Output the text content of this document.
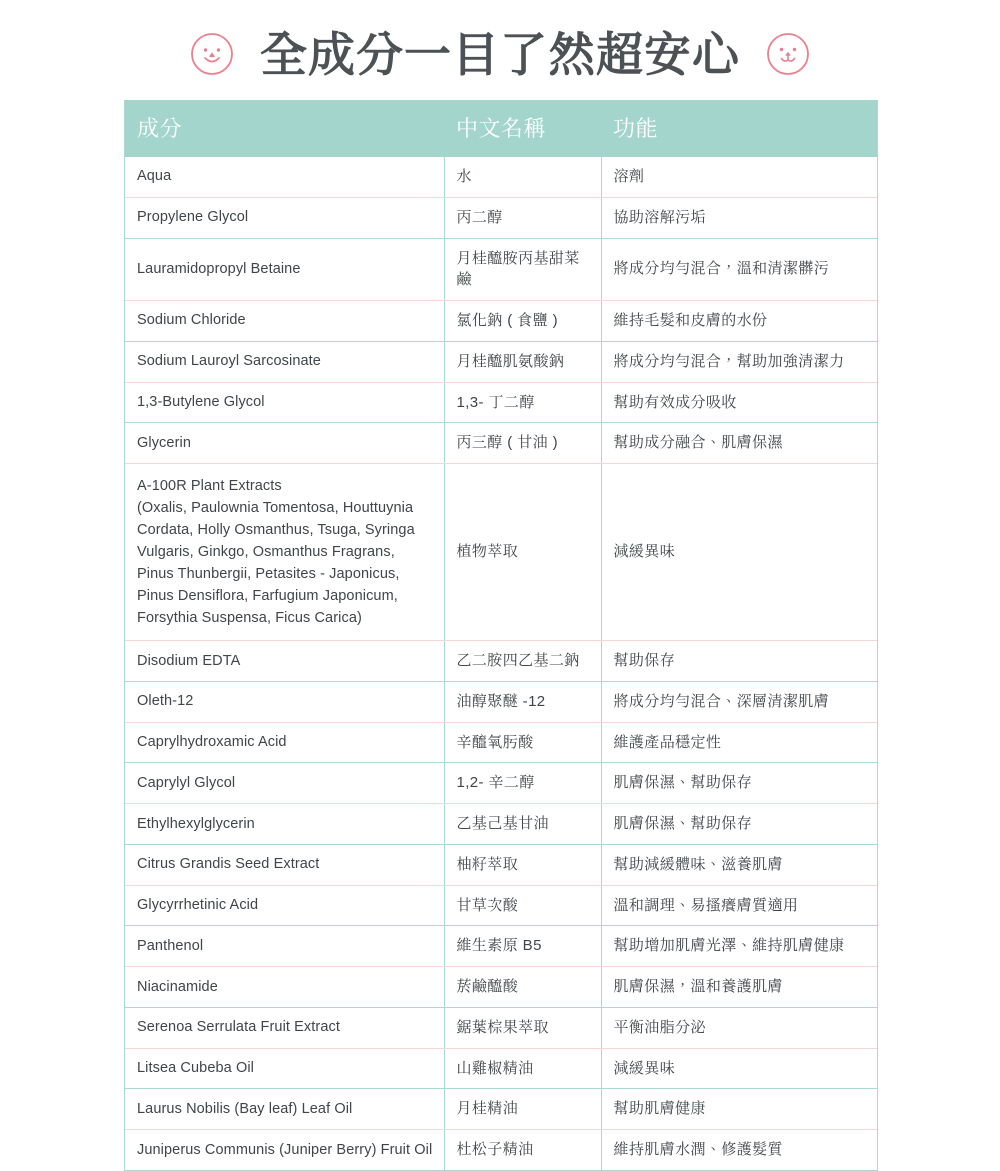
全成分一目了然超安心
成分	中文名稱	功能
Aqua	水	溶劑
Propylene Glycol	丙二醇	協助溶解污垢
Lauramidopropyl Betaine	月桂醯胺丙基甜菜鹼	將成分均勻混合，溫和清潔髒污
Sodium Chloride	氯化鈉 ( 食鹽 )	維持毛髮和皮膚的水份
Sodium Lauroyl Sarcosinate	月桂醯肌氨酸鈉	將成分均勻混合，幫助加強清潔力
1,3-Butylene Glycol	1,3- 丁二醇	幫助有效成分吸收
Glycerin	丙三醇 ( 甘油 )	幫助成分融合、肌膚保濕

A-100R Plant Extracts
(Oxalis, Paulownia Tomentosa, Houttuynia Cordata, Holly Osmanthus, Tsuga, Syringa Vulgaris, Ginkgo, Osmanthus Fragrans, Pinus Thunbergii, Petasites - Japonicus, Pinus Densiflora, Farfugium Japonicum, Forsythia Suspensa, Ficus Carica)	植物萃取	減緩異味
Disodium EDTA	乙二胺四乙基二鈉	幫助保存
Oleth-12	油醇聚醚 -12	將成分均勻混合、深層清潔肌膚
Caprylhydroxamic Acid	辛醯氧肟酸	維護產品穩定性
Caprylyl Glycol	1,2- 辛二醇	肌膚保濕、幫助保存
Ethylhexylglycerin	乙基己基甘油	肌膚保濕、幫助保存
Citrus Grandis Seed Extract	柚籽萃取	幫助減緩體味、滋養肌膚
Glycyrrhetinic Acid	甘草次酸	溫和調理、易搔癢膚質適用
Panthenol	維生素原 B5	幫助增加肌膚光澤、維持肌膚健康
Niacinamide	菸鹼醯酸	肌膚保濕，溫和養護肌膚
Serenoa Serrulata Fruit Extract	鋸葉棕果萃取	平衡油脂分泌
Litsea Cubeba Oil	山雞椒精油	減緩異味
Laurus Nobilis (Bay leaf) Leaf Oil	月桂精油	幫助肌膚健康
Juniperus Communis (Juniper Berry) Fruit Oil	杜松子精油	維持肌膚水潤、修護髮質
